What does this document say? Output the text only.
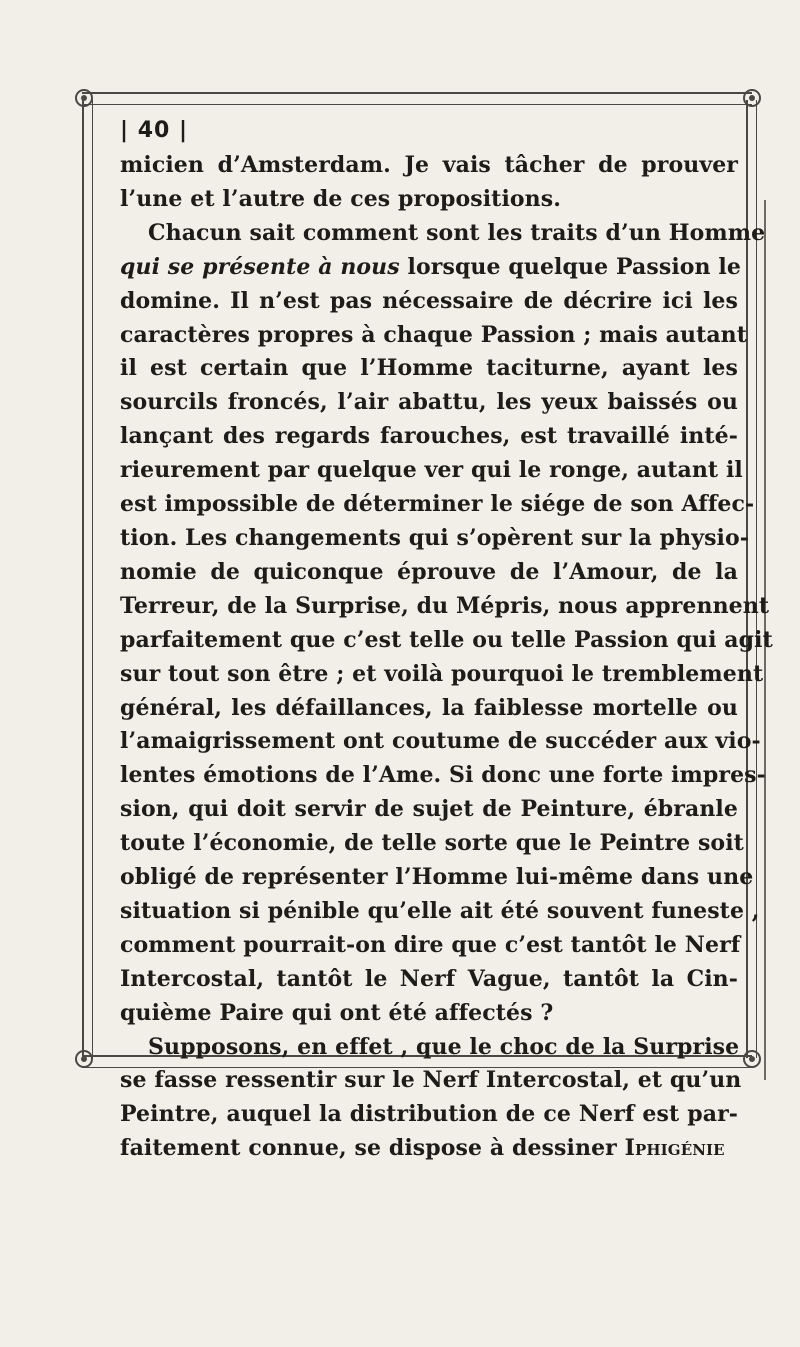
| 40 |
micien d’Amsterdam. Je vais tâcher de prouver
l’une et l’autre de ces propositions.
Chacun sait comment sont les traits d’un Homme
qui se présente à nous lorsque quelque Passion le
domine. Il n’est pas nécessaire de décrire ici les
caractères propres à chaque Passion ; mais autant
il est certain que l’Homme taciturne, ayant les
sourcils froncés, l’air abattu, les yeux baissés ou
lançant des regards farouches, est travaillé inté-
rieurement par quelque ver qui le ronge, autant il
est impossible de déterminer le siége de son Affec-
tion. Les changements qui s’opèrent sur la physio-
nomie de quiconque éprouve de l’Amour, de la
Terreur, de la Surprise, du Mépris, nous apprennent
parfaitement que c’est telle ou telle Passion qui agit
sur tout son être ; et voilà pourquoi le tremblement
général, les défaillances, la faiblesse mortelle ou
l’amaigrissement ont coutume de succéder aux vio-
lentes émotions de l’Ame. Si donc une forte impres-
sion, qui doit servir de sujet de Peinture, ébranle
toute l’économie, de telle sorte que le Peintre soit
obligé de représenter l’Homme lui-même dans une
situation si pénible qu’elle ait été souvent funeste ,
comment pourrait-on dire que c’est tantôt le Nerf
Intercostal, tantôt le Nerf Vague, tantôt la Cin-
quième Paire qui ont été affectés ?
Supposons, en effet , que le choc de la Surprise
se fasse ressentir sur le Nerf Intercostal, et qu’un
Peintre, auquel la distribution de ce Nerf est par-
faitement connue, se dispose à dessiner Iphigénie
